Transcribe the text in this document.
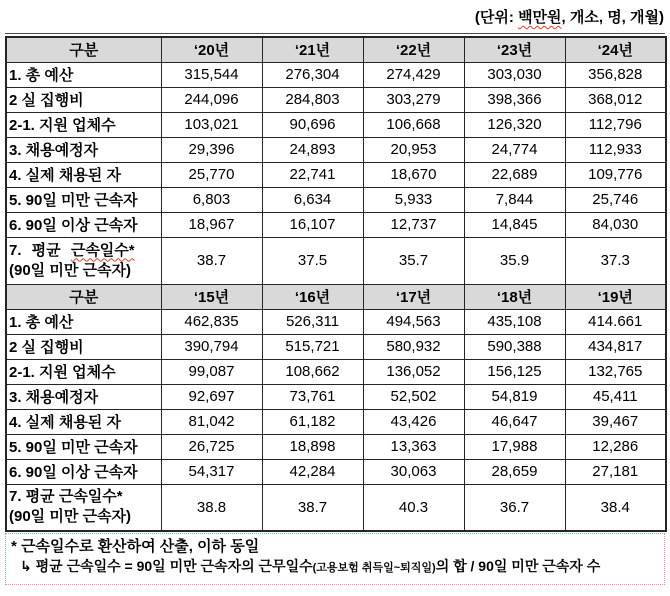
(단위: 백만원, 개소, 명, 개월)
구분	‘20년	‘21년	‘22년	‘23년	‘24년
1. 총 예산	315,544	276,304	274,429	303,030	356,828
2 실 집행비	244,096	284,803	303,279	398,366	368,012
2-1. 지원 업체수	103,021	90,696	106,668	126,320	112,796
3. 채용예정자	29,396	24,893	20,953	24,774	112,933
4. 실제 채용된 자	25,770	22,741	18,670	22,689	109,776
5. 90일 미만 근속자	6,803	6,634	5,933	7,844	25,746
6. 90일 이상 근속자	18,967	16,107	12,737	14,845	84,030
7. 평균 근속일수*
(90일 미만 근속자)	38.7	37.5	35.7	35.9	37.3
구분	‘15년	‘16년	‘17년	‘18년	‘19년
1. 총 예산	462,835	526,311	494,563	435,108	414.661
2 실 집행비	390,794	515,721	580,932	590,388	434,817
2-1. 지원 업체수	99,087	108,662	136,052	156,125	132,765
3. 채용예정자	92,697	73,761	52,502	54,819	45,411
4. 실제 채용된 자	81,042	61,182	43,426	46,647	39,467
5. 90일 미만 근속자	26,725	18,898	13,363	17,988	12,286
6. 90일 이상 근속자	54,317	42,284	30,063	28,659	27,181
7. 평균 근속일수*
(90일 미만 근속자)	38.8	38.7	40.3	36.7	38.4
* 근속일수로 환산하여 산출, 이하 동일
↳ 평균 근속일수 = 90일 미만 근속자의 근무일수(고용보험 취득일~퇴직일)의 합 / 90일 미만 근속자 수
